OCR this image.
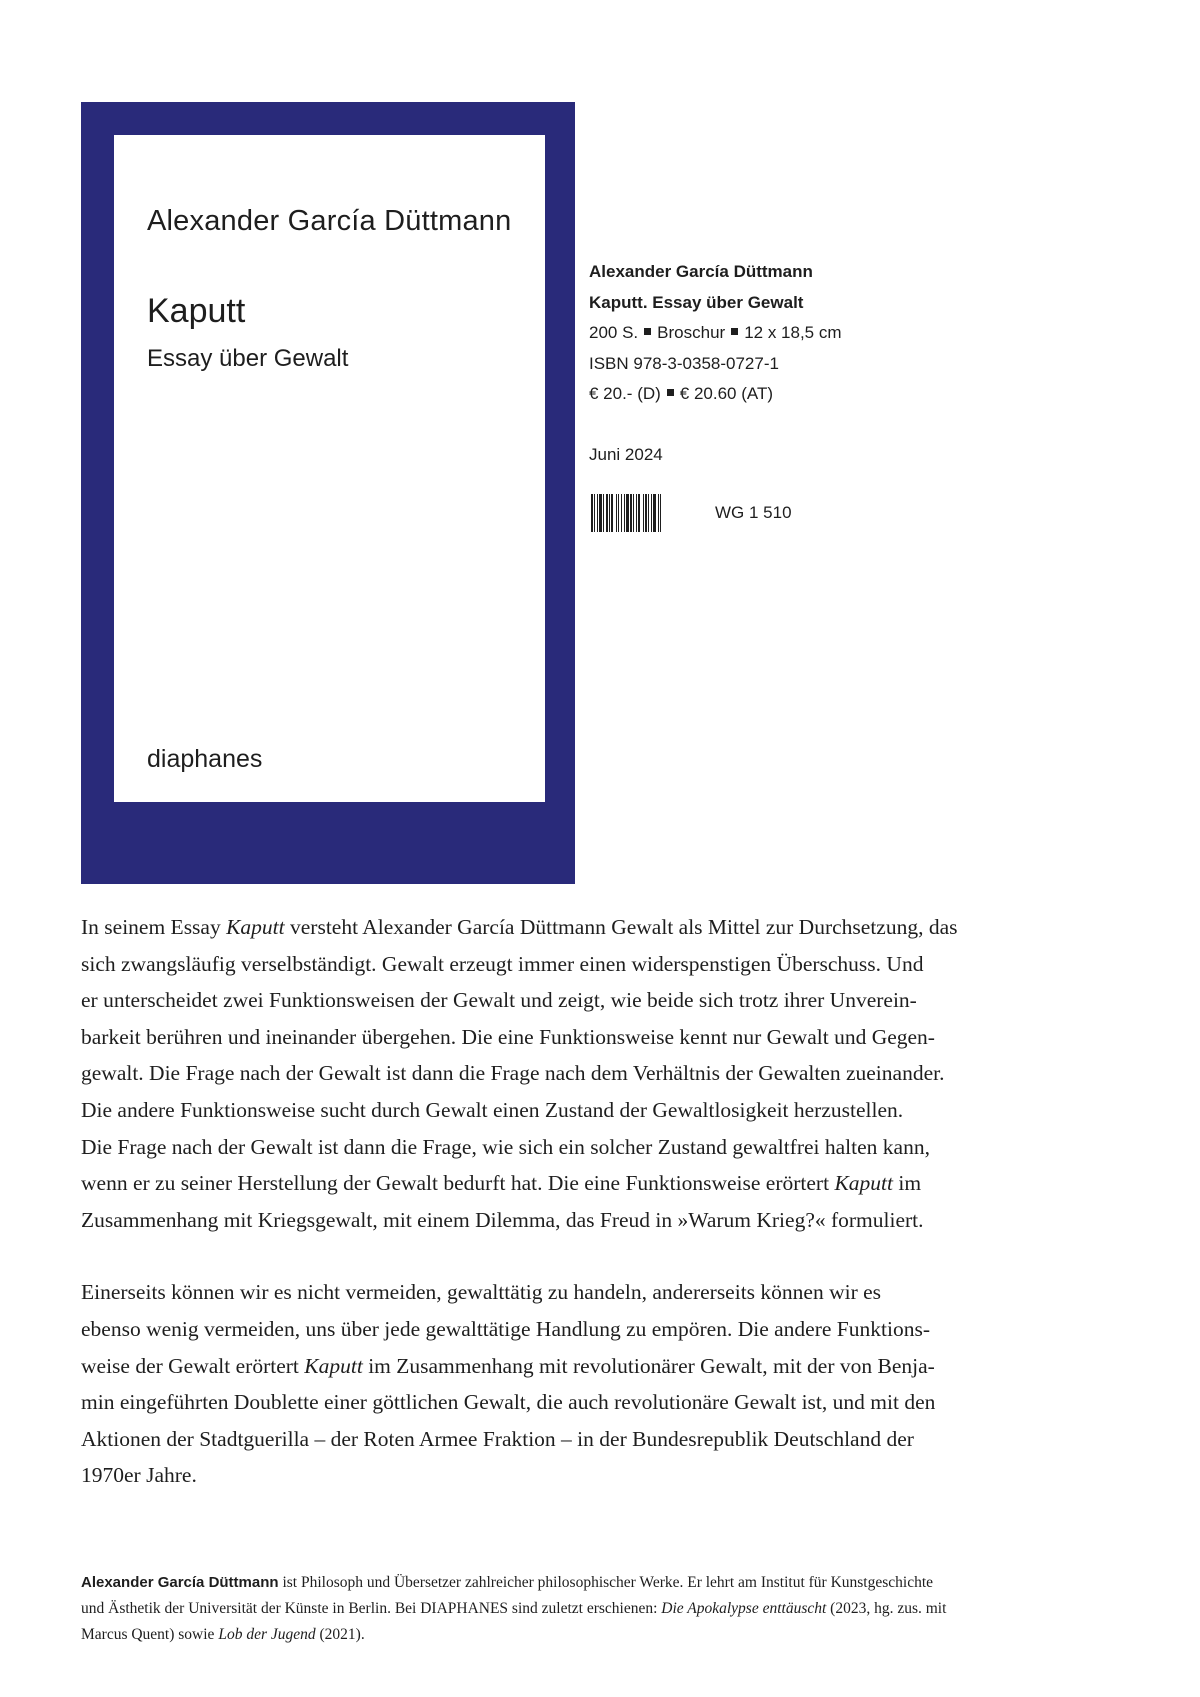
Alexander García Düttmann
Kaputt
Essay über Gewalt
diaphanes
Alexander García Düttmann
Kaputt. Essay über Gewalt
200 S. Broschur 12 x 18,5 cm
ISBN 978-3-0358-0727-1
€ 20.- (D) € 20.60 (AT)
Juni 2024
WG 1 510
In seinem Essay Kaputt versteht Alexander García Düttmann Gewalt als Mittel zur Durchsetzung, das
sich zwangsläufig verselbständigt. Gewalt erzeugt immer einen widerspenstigen Überschuss. Und
er unterscheidet zwei Funktionsweisen der Gewalt und zeigt, wie beide sich trotz ihrer Unverein-
barkeit berühren und ineinander übergehen. Die eine Funktionsweise kennt nur Gewalt und Gegen-
gewalt. Die Frage nach der Gewalt ist dann die Frage nach dem Verhältnis der Gewalten zueinander.
Die andere Funktionsweise sucht durch Gewalt einen Zustand der Gewaltlosigkeit herzustellen.
Die Frage nach der Gewalt ist dann die Frage, wie sich ein solcher Zustand gewaltfrei halten kann,
wenn er zu seiner Herstellung der Gewalt bedurft hat. Die eine Funktionsweise erörtert Kaputt im
Zusammenhang mit Kriegsgewalt, mit einem Dilemma, das Freud in »Warum Krieg?« formuliert.
Einerseits können wir es nicht vermeiden, gewalttätig zu handeln, andererseits können wir es
ebenso wenig vermeiden, uns über jede gewalttätige Handlung zu empören. Die andere Funktions-
weise der Gewalt erörtert Kaputt im Zusammenhang mit revolutionärer Gewalt, mit der von Benja-
min eingeführten Doublette einer göttlichen Gewalt, die auch revolutionäre Gewalt ist, und mit den
Aktionen der Stadtguerilla – der Roten Armee Fraktion – in der Bundesrepublik Deutschland der
1970er Jahre.
Alexander García Düttmann ist Philosoph und Übersetzer zahlreicher philosophischer Werke. Er lehrt am Institut für Kunstgeschichte
und Ästhetik der Universität der Künste in Berlin. Bei DIAPHANES sind zuletzt erschienen: Die Apokalypse enttäuscht (2023, hg. zus. mit
Marcus Quent) sowie Lob der Jugend (2021).
